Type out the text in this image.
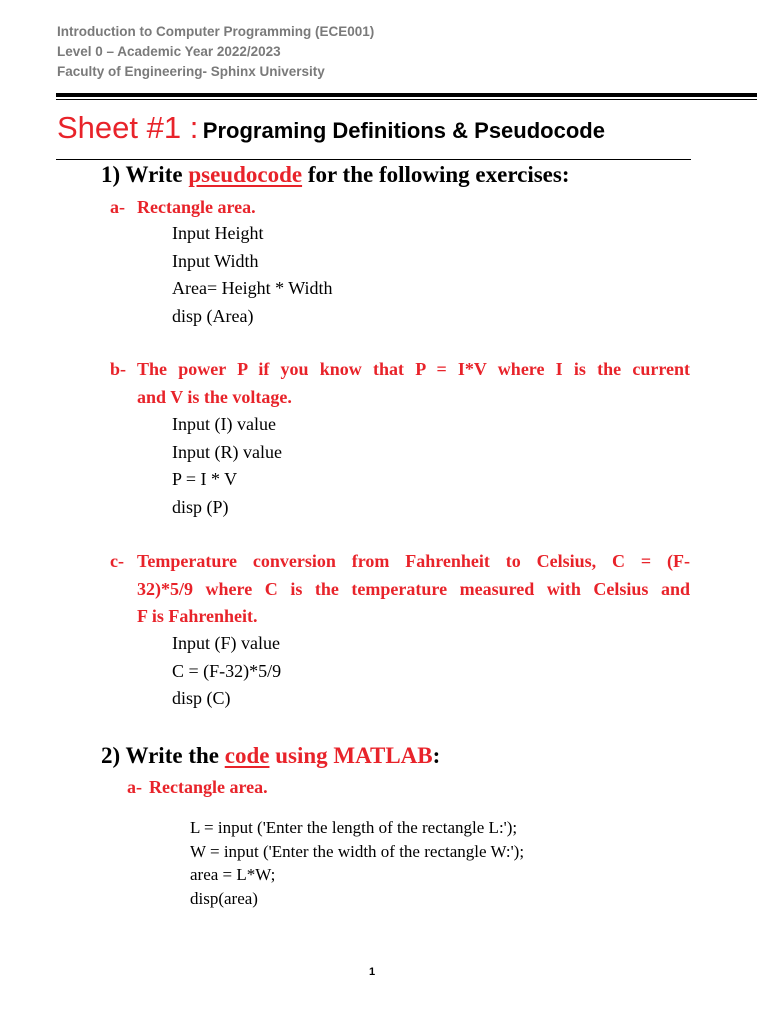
Introduction to Computer Programming (ECE001)
Level 0 – Academic Year 2022/2023
Faculty of Engineering- Sphinx University
Sheet #1 : Programing Definitions & Pseudocode
1) Write pseudocode for the following exercises:
a- Rectangle area.
Input Height
Input Width
Area= Height * Width
disp (Area)
b- The power P if you know that P = I*V where I is the current
and V is the voltage.
Input (I) value
Input (R) value
P = I * V
disp (P)
c- Temperature conversion from Fahrenheit to Celsius, C = (F-
32)*5/9 where C is the temperature measured with Celsius and
F is Fahrenheit.
Input (F) value
C = (F-32)*5/9
disp (C)
2) Write the code using MATLAB:
a- Rectangle area.
L = input ('Enter the length of the rectangle L:');
W = input ('Enter the width of the rectangle W:');
area = L*W;
disp(area)
1
